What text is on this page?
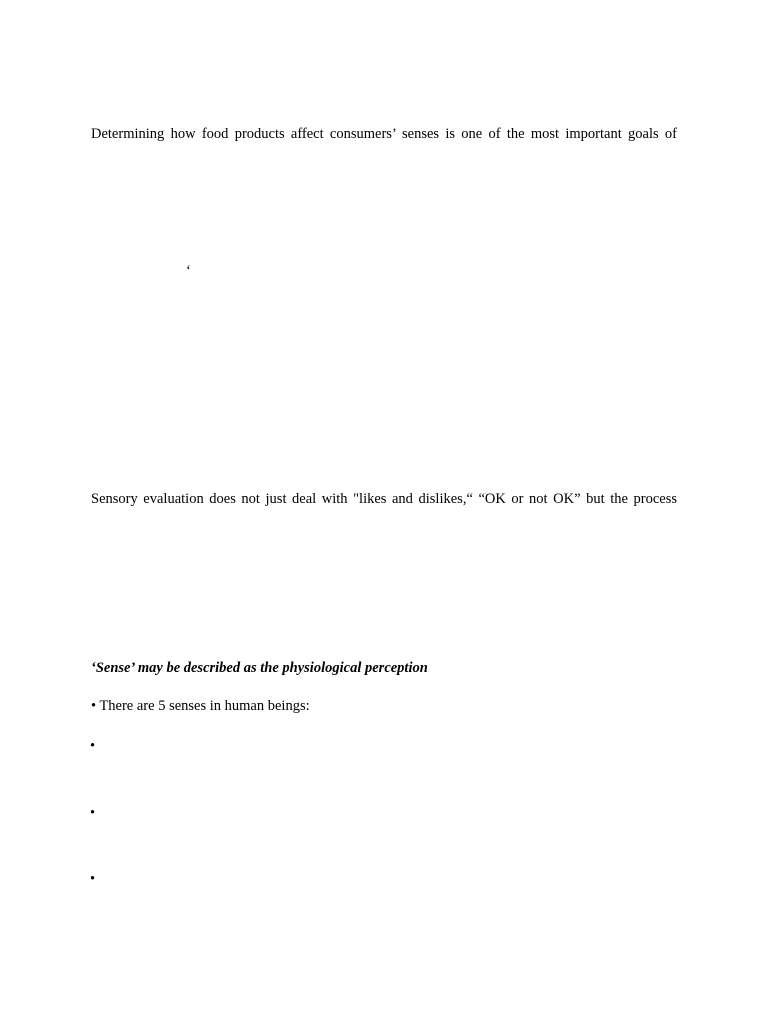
Determining how food products affect consumers’ senses is one of the most important goals of
‘
Sensory evaluation does not just deal with "likes and dislikes,“ “OK or not OK” but the process
‘Sense’ may be described as the physiological perception
• There are 5 senses in human beings:
•
•
•
